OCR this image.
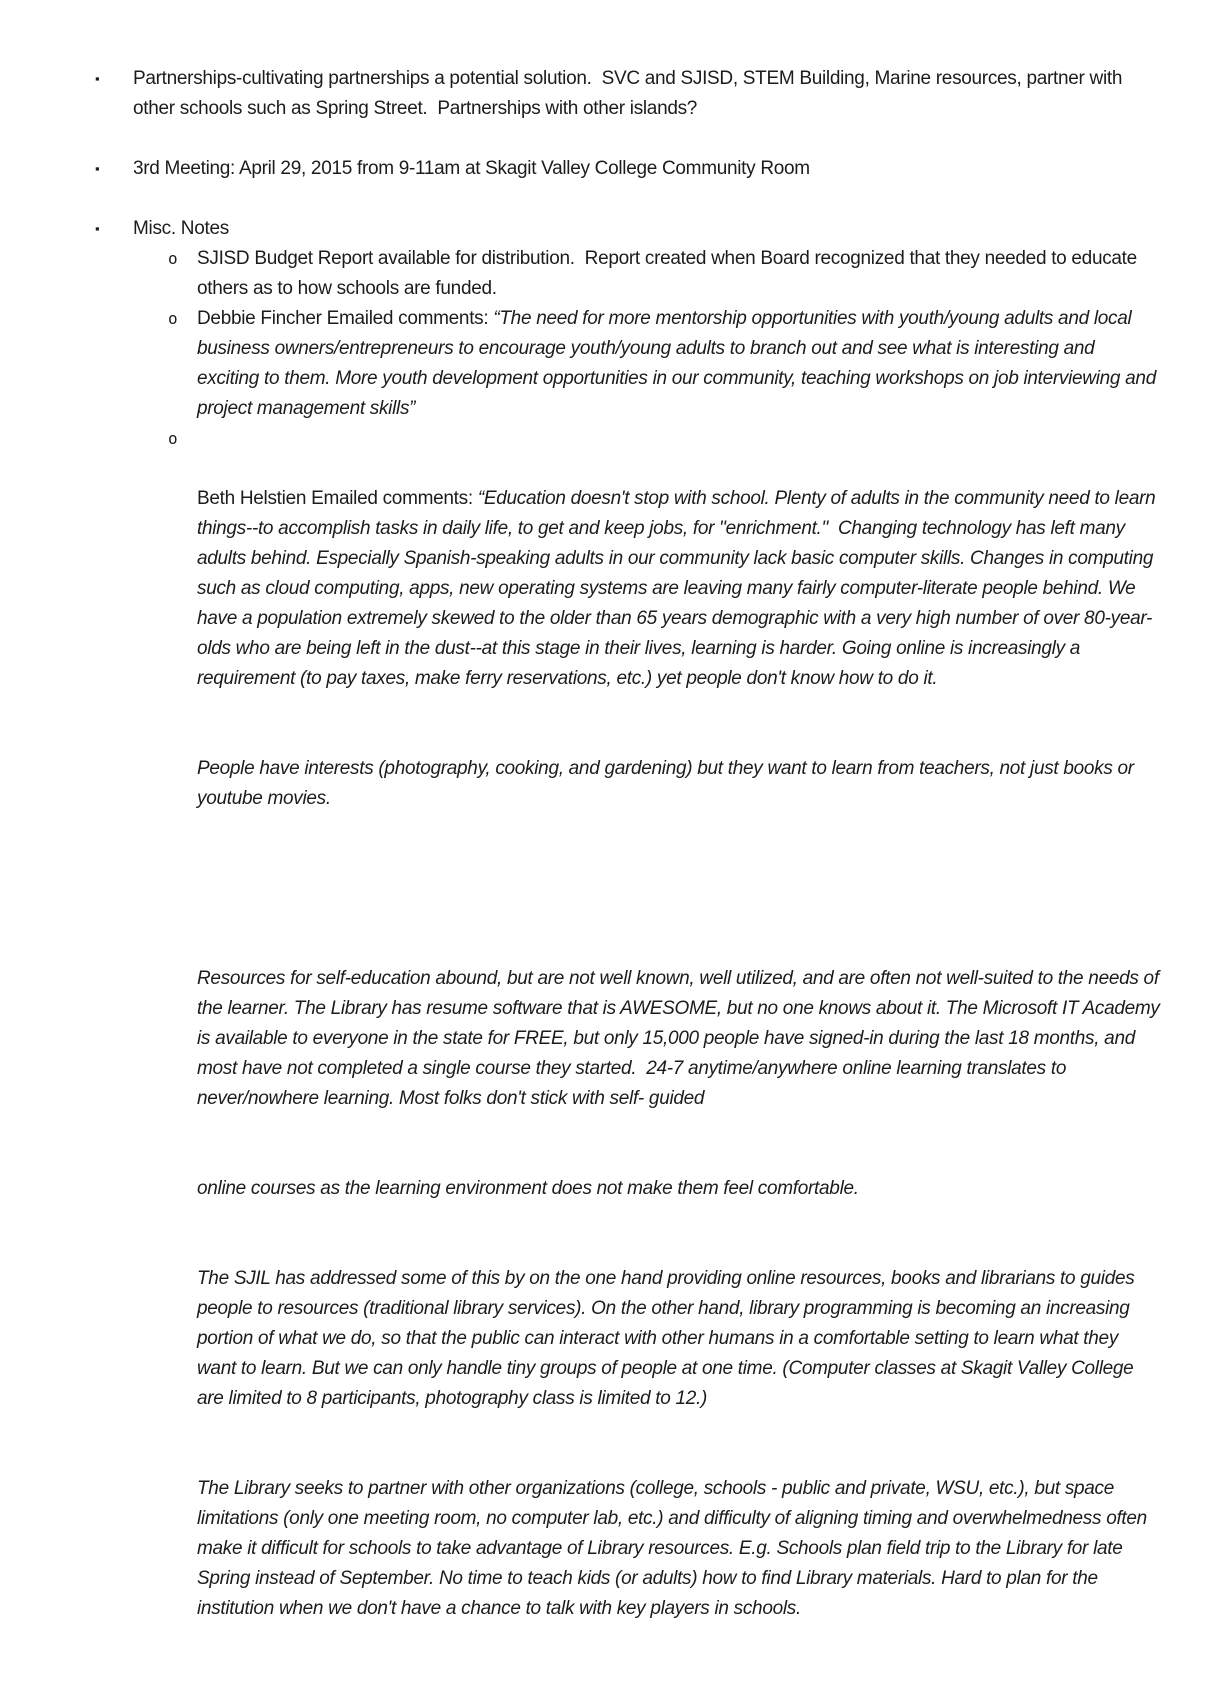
▪	Partnerships-cultivating partnerships a potential solution.  SVC and SJISD, STEM Building, Marine resources, partner with other schools such as Spring Street.  Partnerships with other islands?
▪	3rd Meeting: April 29, 2015 from 9-11am at Skagit Valley College Community Room
▪	Misc. Notes
o	SJISD Budget Report available for distribution.  Report created when Board recognized that they needed to educate others as to how schools are funded.
o	Debbie Fincher Emailed comments: “The need for more mentorship opportunities with youth/young adults and local business owners/entrepreneurs to encourage youth/young adults to branch out and see what is interesting and exciting to them. More youth development opportunities in our community, teaching workshops on job interviewing and project management skills”
o

Beth Helstien Emailed comments: “Education doesn't stop with school. Plenty of adults in the community need to learn things--to accomplish tasks in daily life, to get and keep jobs, for "enrichment."  Changing technology has left many adults behind. Especially Spanish-speaking adults in our community lack basic computer skills. Changes in computing such as cloud computing, apps, new operating systems are leaving many fairly computer-literate people behind. We have a population extremely skewed to the older than 65 years demographic with a very high number of over 80-year-olds who are being left in the dust--at this stage in their lives, learning is harder. Going online is increasingly a requirement (to pay taxes, make ferry reservations, etc.) yet people don't know how to do it.

People have interests (photography, cooking, and gardening) but they want to learn from teachers, not just books or youtube movies.

Resources for self-education abound, but are not well known, well utilized, and are often not well-suited to the needs of the learner. The Library has resume software that is AWESOME, but no one knows about it. The Microsoft IT Academy is available to everyone in the state for FREE, but only 15,000 people have signed-in during the last 18 months, and most have not completed a single course they started.  24-7 anytime/anywhere online learning translates to never/nowhere learning. Most folks don't stick with self- guided

online courses as the learning environment does not make them feel comfortable.

The SJIL has addressed some of this by on the one hand providing online resources, books and librarians to guides people to resources (traditional library services). On the other hand, library programming is becoming an increasing portion of what we do, so that the public can interact with other humans in a comfortable setting to learn what they want to learn. But we can only handle tiny groups of people at one time. (Computer classes at Skagit Valley College are limited to 8 participants, photography class is limited to 12.)

The Library seeks to partner with other organizations (college, schools - public and private, WSU, etc.), but space limitations (only one meeting room, no computer lab, etc.) and difficulty of aligning timing and overwhelmedness often make it difficult for schools to take advantage of Library resources. E.g. Schools plan field trip to the Library for late Spring instead of September. No time to teach kids (or adults) how to find Library materials. Hard to plan for the institution when we don't have a chance to talk with key players in schools.
